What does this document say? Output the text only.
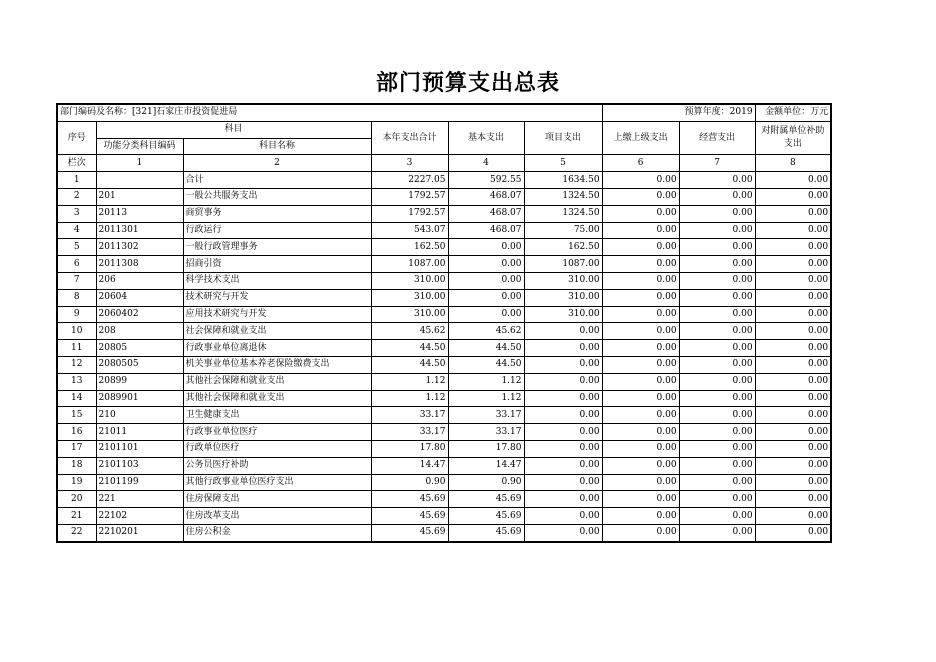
部门预算支出总表
部门编码及名称：[321]石家庄市投资促进局						预算年度：2019		金额单位：万元
序号	科目		本年支出合计	基本支出	项目支出	上缴上级支出	经营支出	对附属单位补助支出
	功能分类科目编码	科目名称						
栏次	1	2	3	4	5	6	7	8
1		合计	2227.05	592.55	1634.50	0.00	0.00	0.00
2	201	一般公共服务支出	1792.57	468.07	1324.50	0.00	0.00	0.00
3	20113	商贸事务	1792.57	468.07	1324.50	0.00	0.00	0.00
4	2011301	行政运行	543.07	468.07	75.00	0.00	0.00	0.00
5	2011302	一般行政管理事务	162.50	0.00	162.50	0.00	0.00	0.00
6	2011308	招商引资	1087.00	0.00	1087.00	0.00	0.00	0.00
7	206	科学技术支出	310.00	0.00	310.00	0.00	0.00	0.00
8	20604	技术研究与开发	310.00	0.00	310.00	0.00	0.00	0.00
9	2060402	应用技术研究与开发	310.00	0.00	310.00	0.00	0.00	0.00
10	208	社会保障和就业支出	45.62	45.62	0.00	0.00	0.00	0.00
11	20805	行政事业单位离退休	44.50	44.50	0.00	0.00	0.00	0.00
12	2080505	机关事业单位基本养老保险缴费支出	44.50	44.50	0.00	0.00	0.00	0.00
13	20899	其他社会保障和就业支出	1.12	1.12	0.00	0.00	0.00	0.00
14	2089901	其他社会保障和就业支出	1.12	1.12	0.00	0.00	0.00	0.00
15	210	卫生健康支出	33.17	33.17	0.00	0.00	0.00	0.00
16	21011	行政事业单位医疗	33.17	33.17	0.00	0.00	0.00	0.00
17	2101101	行政单位医疗	17.80	17.80	0.00	0.00	0.00	0.00
18	2101103	公务员医疗补助	14.47	14.47	0.00	0.00	0.00	0.00
19	2101199	其他行政事业单位医疗支出	0.90	0.90	0.00	0.00	0.00	0.00
20	221	住房保障支出	45.69	45.69	0.00	0.00	0.00	0.00
21	22102	住房改革支出	45.69	45.69	0.00	0.00	0.00	0.00
22	2210201	住房公积金	45.69	45.69	0.00	0.00	0.00	0.00
